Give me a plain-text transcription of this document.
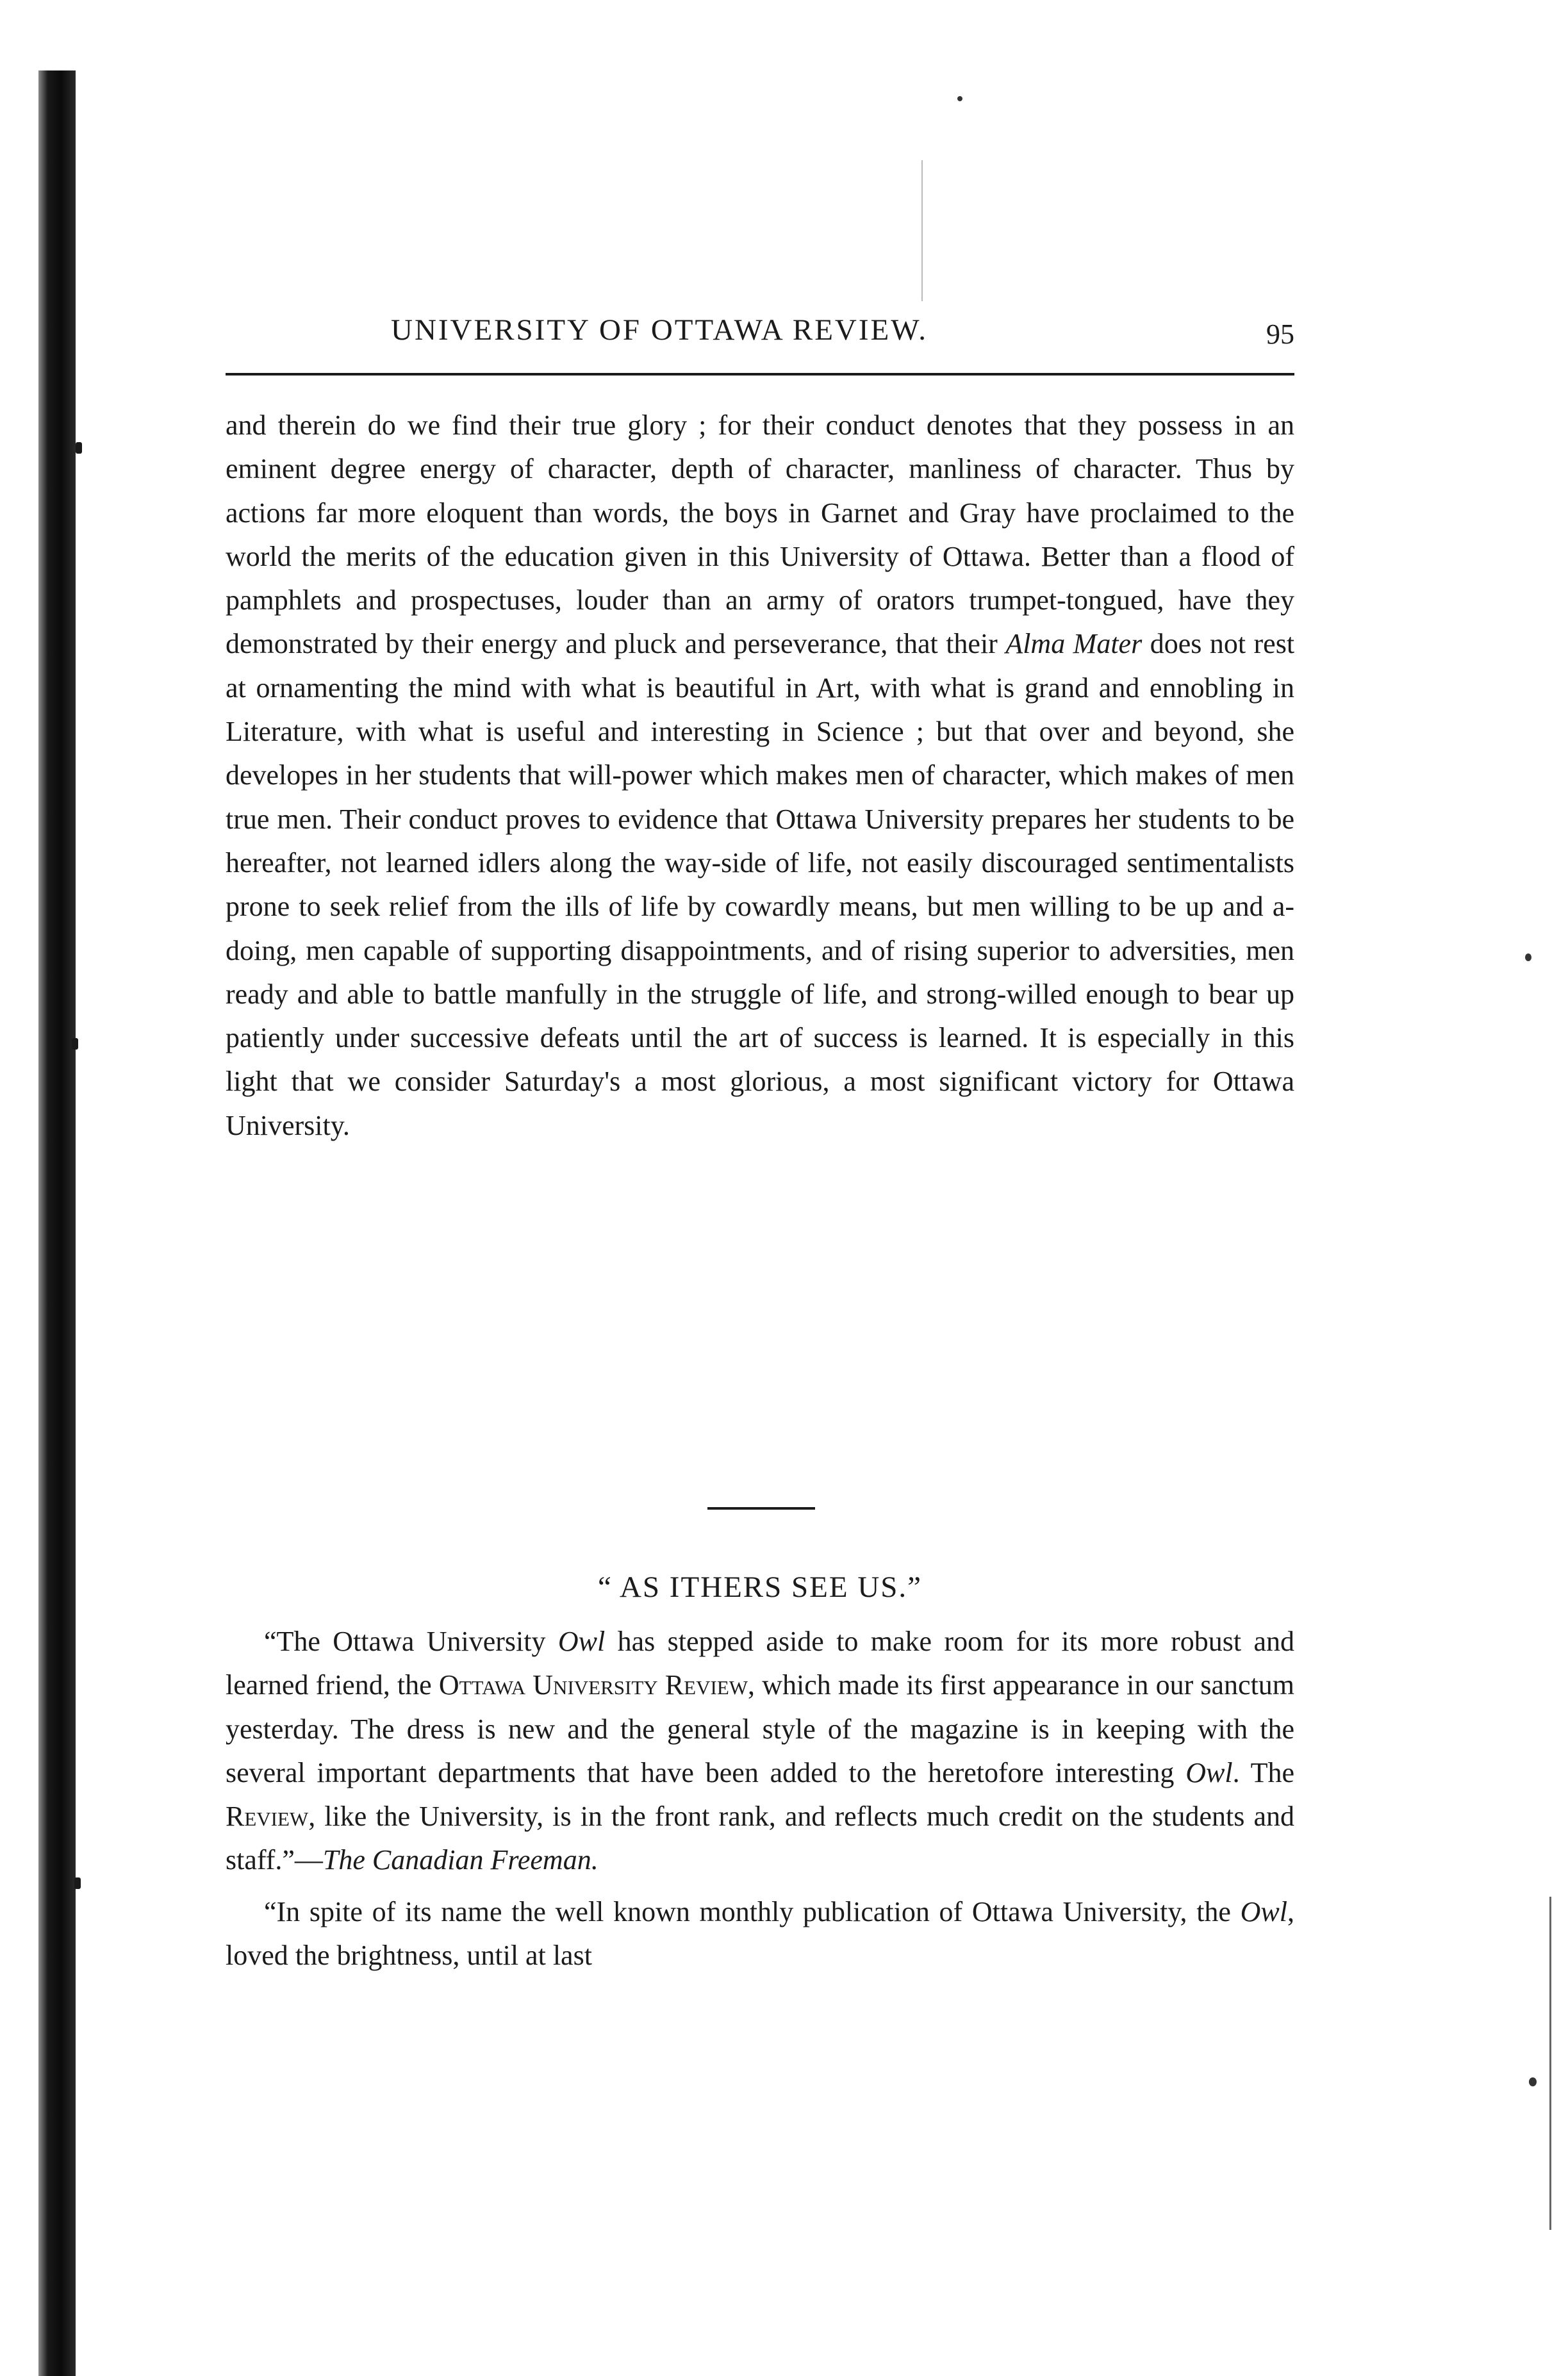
UNIVERSITY OF OTTAWA REVIEW.	95

and therein do we find their true glory ; for their conduct denotes that they possess in an eminent degree energy of character, depth of character, manliness of character. Thus by actions far more eloquent than words, the boys in Garnet and Gray have proclaimed to the world the merits of the education given in this University of Ottawa. Better than a flood of pamphlets and prospectuses, louder than an army of orators trumpet-tongued, have they demonstrated by their energy and pluck and perseverance, that their Alma Mater does not rest at ornamenting the mind with what is beautiful in Art, with what is grand and ennobling in Literature, with what is useful and interesting in Science ; but that over and beyond, she developes in her students that will-power which makes men of character, which makes of men true men. Their conduct proves to evidence that Ottawa University prepares her students to be hereafter, not learned idlers along the way-side of life, not easily discouraged sentimentalists prone to seek relief from the ills of life by cowardly means, but men willing to be up and a-doing, men capable of supporting disappointments, and of rising superior to adversities, men ready and able to battle manfully in the struggle of life, and strong-willed enough to bear up patiently under successive defeats until the art of success is learned. It is especially in this light that we consider Saturday's a most glorious, a most significant victory for Ottawa University.

“ AS ITHERS SEE US.”

“The Ottawa University Owl has stepped aside to make room for its more robust and learned friend, the Ottawa University Review, which made its first appearance in our sanctum yesterday. The dress is new and the general style of the magazine is in keeping with the several important departments that have been added to the heretofore interesting Owl. The Review, like the University, is in the front rank, and reflects much credit on the students and staff.”—The Canadian Freeman.

“In spite of its name the well known monthly publication of Ottawa University, the Owl, loved the brightness, until at last
